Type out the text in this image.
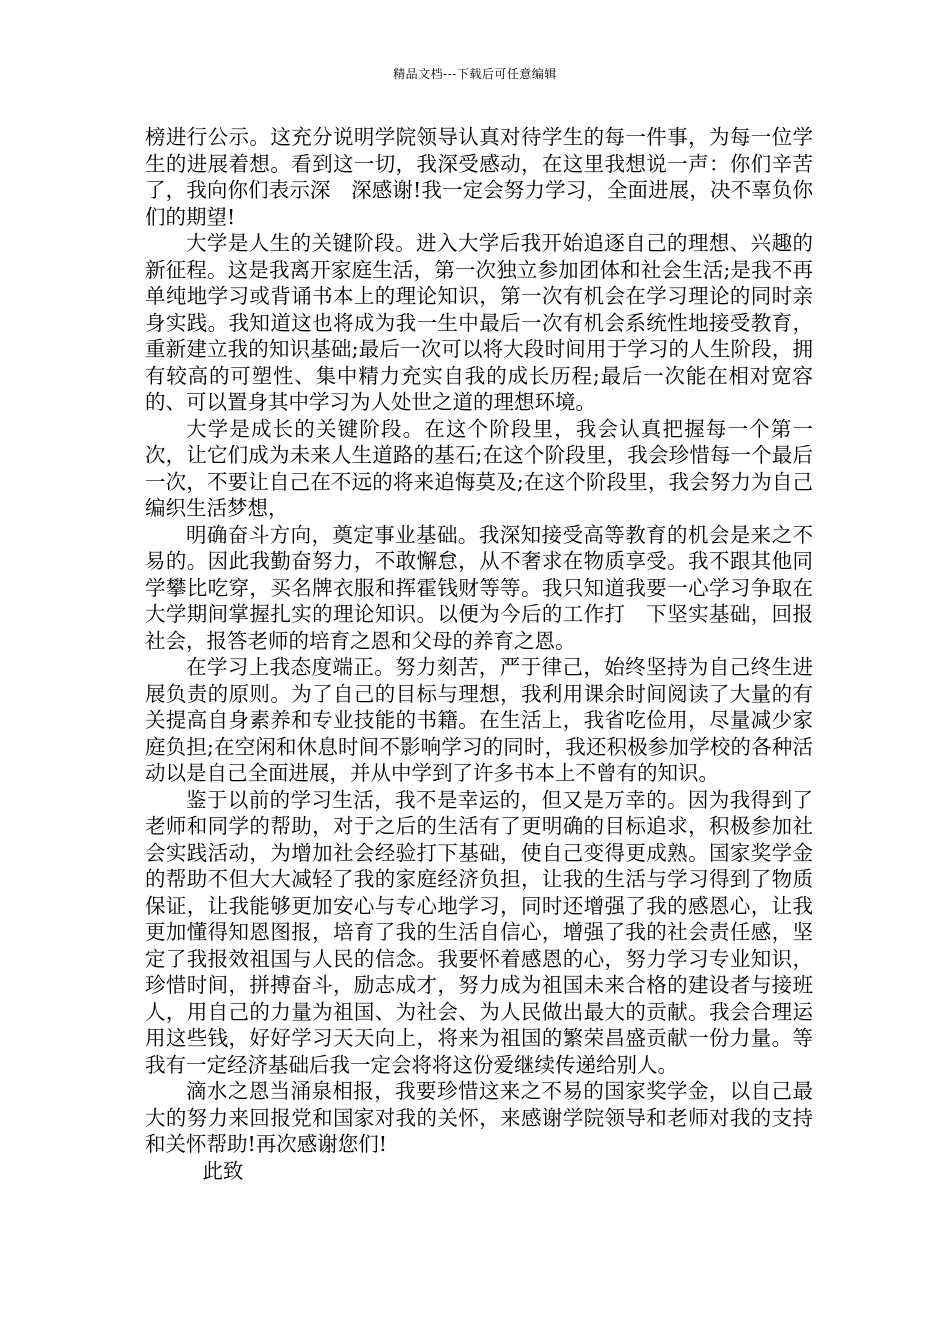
精品文档---下载后可任意编辑

榜进行公示。这充分说明学院领导认真对待学生的每一件事，为每一位学生的进展着想。看到这一切，我深受感动，在这里我想说一声：你们辛苦了，我向你们表示深　深感谢!我一定会努力学习，全面进展，决不辜负你们的期望!

大学是人生的关键阶段。进入大学后我开始追逐自己的理想、兴趣的新征程。这是我离开家庭生活，第一次独立参加团体和社会生活;是我不再单纯地学习或背诵书本上的理论知识，第一次有机会在学习理论的同时亲身实践。我知道这也将成为我一生中最后一次有机会系统性地接受教育，重新建立我的知识基础;最后一次可以将大段时间用于学习的人生阶段，拥有较高的可塑性、集中精力充实自我的成长历程;最后一次能在相对宽容的、可以置身其中学习为人处世之道的理想环境。

大学是成长的关键阶段。在这个阶段里，我会认真把握每一个第一次，让它们成为未来人生道路的基石;在这个阶段里，我会珍惜每一个最后一次，不要让自己在不远的将来追悔莫及;在这个阶段里，我会努力为自己编织生活梦想，

明确奋斗方向，奠定事业基础。我深知接受高等教育的机会是来之不易的。因此我勤奋努力，不敢懈怠，从不奢求在物质享受。我不跟其他同学攀比吃穿，买名牌衣服和挥霍钱财等等。我只知道我要一心学习争取在大学期间掌握扎实的理论知识。以便为今后的工作打　下坚实基础，回报社会，报答老师的培育之恩和父母的养育之恩。

在学习上我态度端正。努力刻苦，严于律己，始终坚持为自己终生进展负责的原则。为了自己的目标与理想，我利用课余时间阅读了大量的有关提高自身素养和专业技能的书籍。在生活上，我省吃俭用，尽量减少家庭负担;在空闲和休息时间不影响学习的同时，我还积极参加学校的各种活动以是自己全面进展，并从中学到了许多书本上不曾有的知识。

鉴于以前的学习生活，我不是幸运的，但又是万幸的。因为我得到了老师和同学的帮助，对于之后的生活有了更明确的目标追求，积极参加社会实践活动，为增加社会经验打下基础，使自己变得更成熟。国家奖学金的帮助不但大大减轻了我的家庭经济负担，让我的生活与学习得到了物质保证，让我能够更加安心与专心地学习，同时还增强了我的感恩心，让我更加懂得知恩图报，培育了我的生活自信心，增强了我的社会责任感，坚定了我报效祖国与人民的信念。我要怀着感恩的心，努力学习专业知识，珍惜时间，拼搏奋斗，励志成才，努力成为祖国未来合格的建设者与接班人，用自己的力量为祖国、为社会、为人民做出最大的贡献。我会合理运用这些钱，好好学习天天向上，将来为祖国的繁荣昌盛贡献一份力量。等我有一定经济基础后我一定会将将这份爱继续传递给别人。

滴水之恩当涌泉相报，我要珍惜这来之不易的国家奖学金，以自己最大的努力来回报党和国家对我的关怀，来感谢学院领导和老师对我的支持和关怀帮助!再次感谢您们!

此致
